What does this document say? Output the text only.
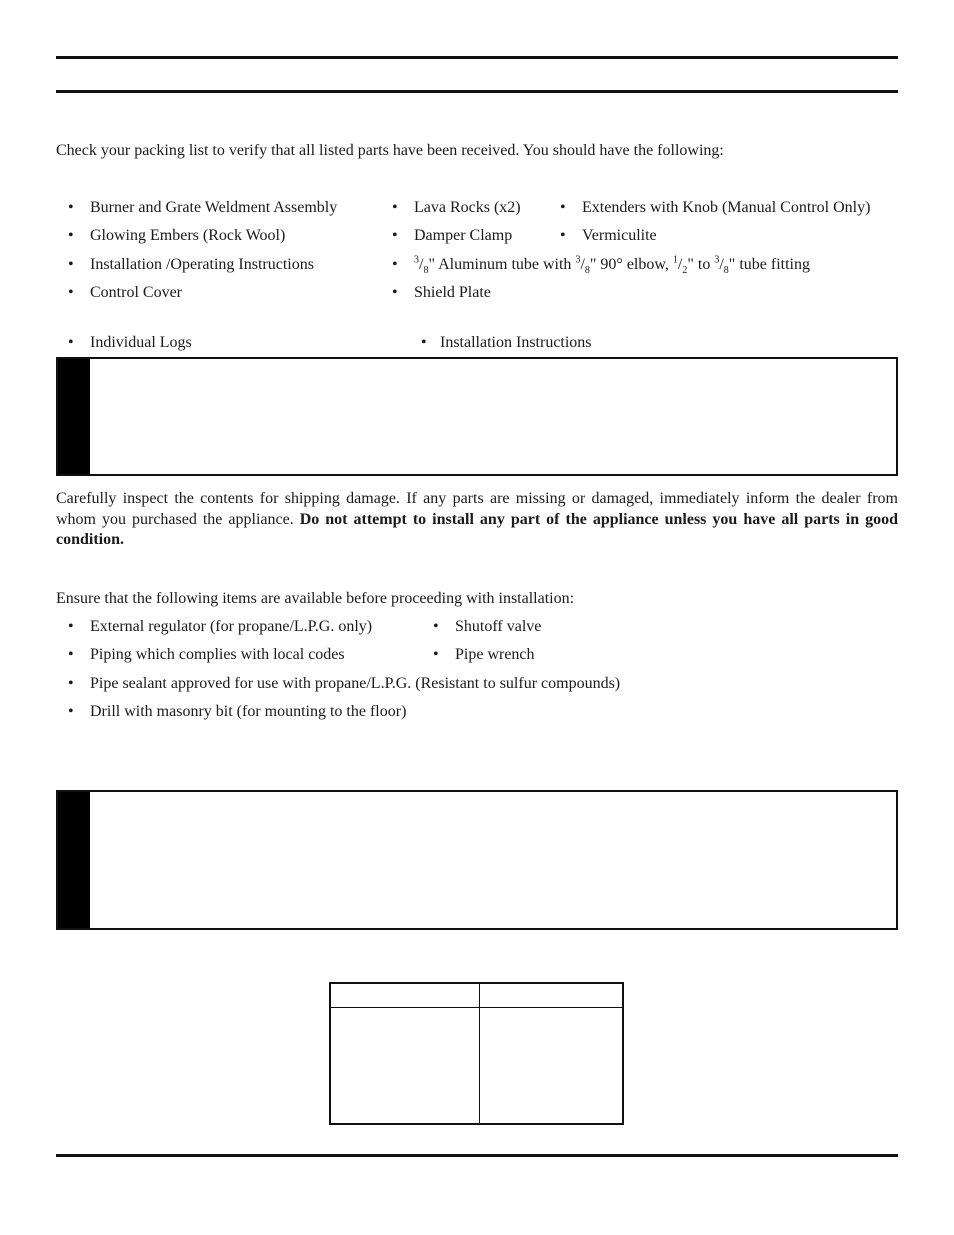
Check your packing list to verify that all listed parts have been received. You should have the following:
• Burner and Grate Weldment Assembly
• Glowing Embers (Rock Wool)
• Installation /Operating Instructions
• Control Cover
• Lava Rocks (x2)
• Damper Clamp
• $^3/_8$" Aluminum tube with $^3/_8$" 90° elbow, $^1/_2$" to $^3/_8$" tube fitting
• Shield Plate
• Extenders with Knob (Manual Control Only)
• Vermiculite
• Individual Logs	• Installation Instructions
Carefully inspect the contents for shipping damage. If any parts are missing or damaged, immediately inform the dealer from whom you purchased the appliance. Do not attempt to install any part of the appliance unless you have all parts in good condition.
Ensure that the following items are available before proceeding with installation:
• External regulator (for propane/L.P.G. only)
• Piping which complies with local codes
• Shutoff valve
• Pipe wrench
• Pipe sealant approved for use with propane/L.P.G. (Resistant to sulfur compounds)
• Drill with masonry bit (for mounting to the floor)
